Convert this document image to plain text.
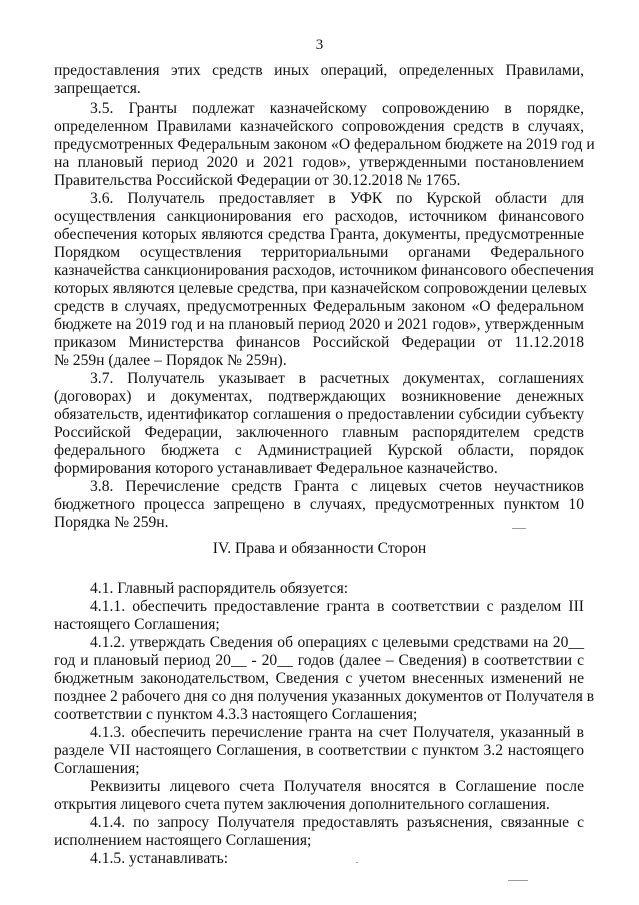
3
предоставления этих средств иных операций, определенных Правилами,
запрещается.
3.5. Гранты подлежат казначейскому сопровождению в порядке,
определенном Правилами казначейского сопровождения средств в случаях,
предусмотренных Федеральным законом «О федеральном бюджете на 2019 год и
на плановый период 2020 и 2021 годов», утвержденными постановлением
Правительства Российской Федерации от 30.12.2018 № 1765.
3.6. Получатель предоставляет в УФК по Курской области для
осуществления санкционирования его расходов, источником финансового
обеспечения которых являются средства Гранта, документы, предусмотренные
Порядком осуществления территориальными органами Федерального
казначейства санкционирования расходов, источником финансового обеспечения
которых являются целевые средства, при казначейском сопровождении целевых
средств в случаях, предусмотренных Федеральным законом «О федеральном
бюджете на 2019 год и на плановый период 2020 и 2021 годов», утвержденным
приказом Министерства финансов Российской Федерации от 11.12.2018
№ 259н (далее – Порядок № 259н).
3.7. Получатель указывает в расчетных документах, соглашениях
(договорах) и документах, подтверждающих возникновение денежных
обязательств, идентификатор соглашения о предоставлении субсидии субъекту
Российской Федерации, заключенного главным распорядителем средств
федерального бюджета с Администрацией Курской области, порядок
формирования которого устанавливает Федеральное казначейство.
3.8. Перечисление средств Гранта с лицевых счетов неучастников
бюджетного процесса запрещено в случаях, предусмотренных пунктом 10
Порядка № 259н.
IV. Права и обязанности Сторон
4.1. Главный распорядитель обязуется:
4.1.1. обеспечить предоставление гранта в соответствии с разделом III
настоящего Соглашения;
4.1.2. утверждать Сведения об операциях с целевыми средствами на 20__
год и плановый период 20__ - 20__ годов (далее – Сведения) в соответствии с
бюджетным законодательством, Сведения с учетом внесенных изменений не
позднее 2 рабочего дня со дня получения указанных документов от Получателя в
соответствии с пунктом 4.3.3 настоящего Соглашения;
4.1.3. обеспечить перечисление гранта на счет Получателя, указанный в
разделе VII настоящего Соглашения, в соответствии с пунктом 3.2 настоящего
Соглашения;
Реквизиты лицевого счета Получателя вносятся в Соглашение после
открытия лицевого счета путем заключения дополнительного соглашения.
4.1.4. по запросу Получателя предоставлять разъяснения, связанные с
исполнением настоящего Соглашения;
4.1.5. устанавливать:
